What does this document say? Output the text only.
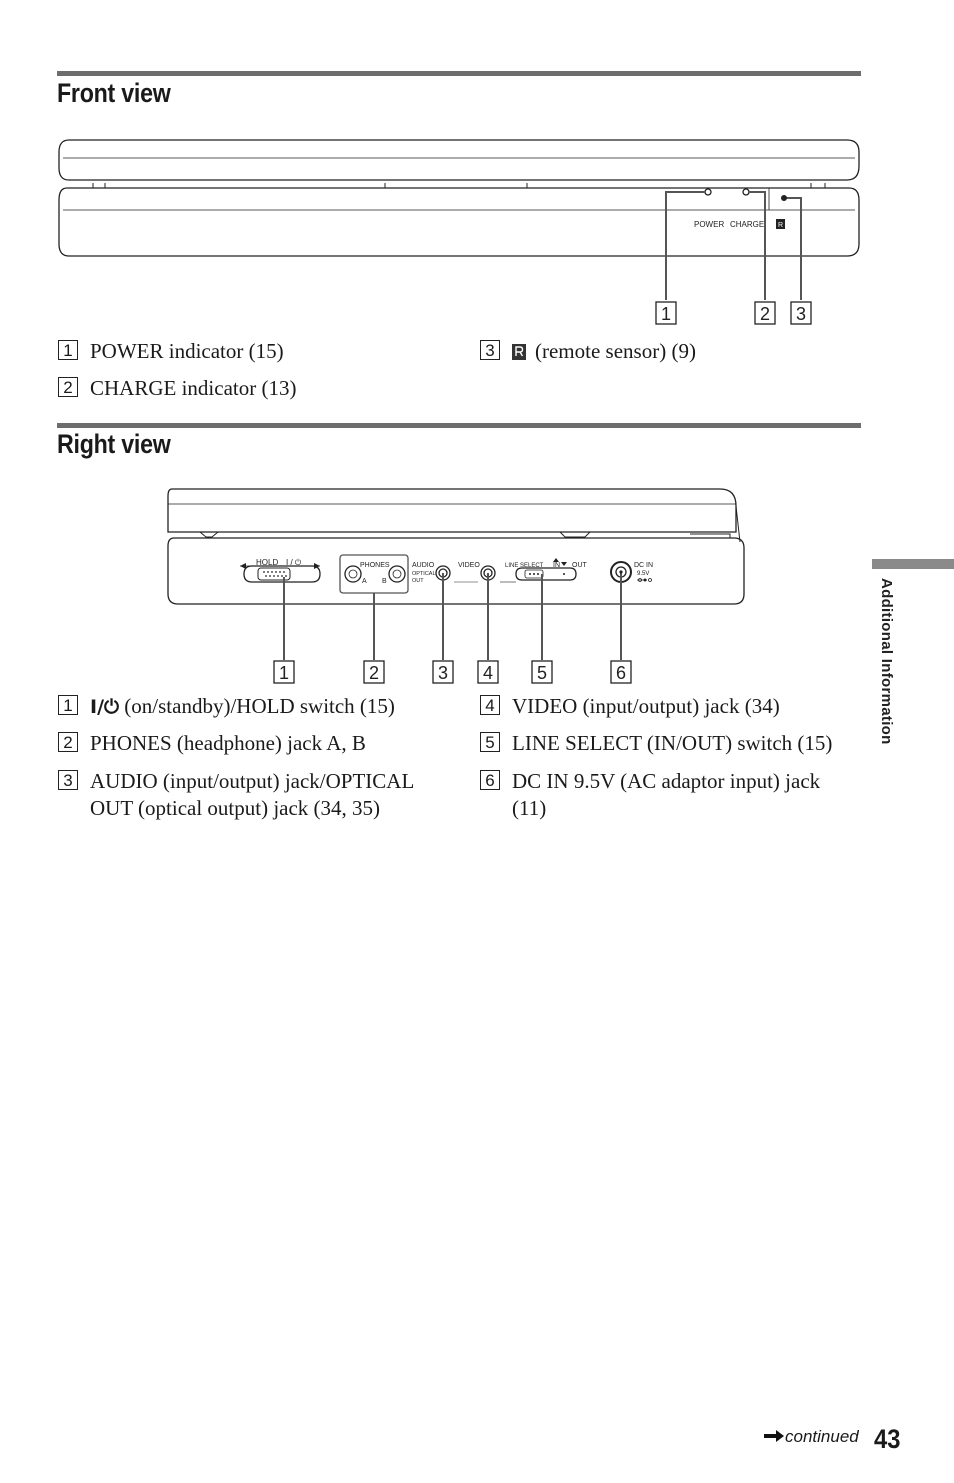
Front view
POWER CHARGE R
1	2 3
1 POWER indicator (15)
2 CHARGE indicator (13)
3	(remote sensor) (9)
Right view
HOLD I / ⏻	PHONES
A B
AUDIO
OPTICAL
OUT
VIDEO	LINE SELECT IN OUT	DC IN
9.5V
1	2	3 4 5	6
1 I/⏻ (on/standby)/HOLD switch (15)
2 PHONES (headphone) jack A, B
3 AUDIO (input/output) jack/OPTICAL OUT (optical output) jack (34, 35)
4 VIDEO (input/output) jack (34)
5 LINE SELECT (IN/OUT) switch (15)
6 DC IN 9.5V (AC adaptor input) jack (11)
Additional Information
continued 43
